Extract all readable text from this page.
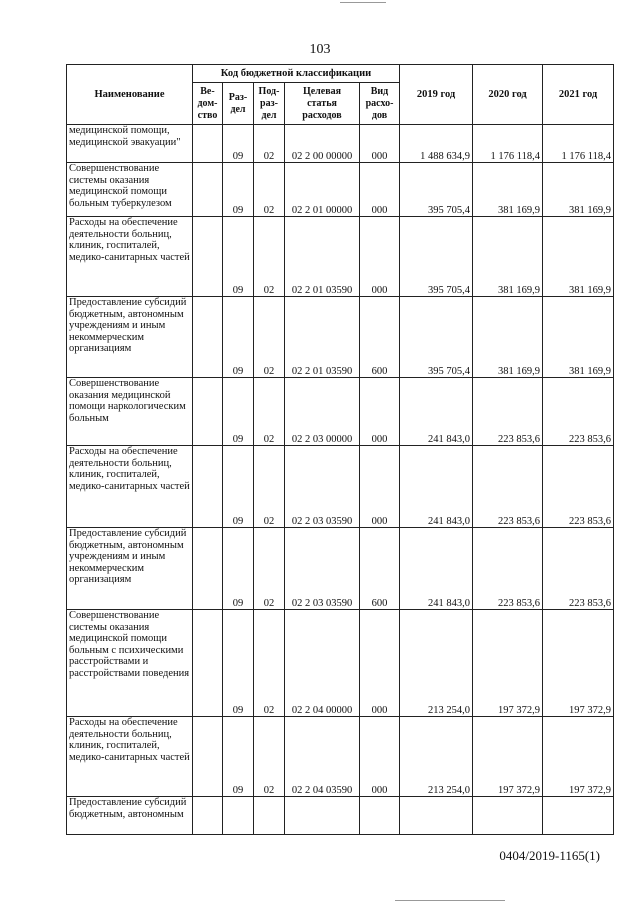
103
Наименование	Код бюджетной классификации					2019 год	2020 год	2021 год
	Ве- дом- ство	Раз- дел	Под- раз- дел	Целевая статья расходов	Вид расхо- дов			
медицинской помощи, медицинской эвакуации"		09	02	02 2 00 00000	000	1 488 634,9	1 176 118,4	1 176 118,4
Совершенствование системы оказания медицинской помощи больным туберкулезом		09	02	02 2 01 00000	000	395 705,4	381 169,9	381 169,9
Расходы на обеспечение деятельности больниц, клиник, госпиталей, медико-санитарных частей		09	02	02 2 01 03590	000	395 705,4	381 169,9	381 169,9
Предоставление субсидий бюджетным, автономным учреждениям и иным некоммерческим организациям		09	02	02 2 01 03590	600	395 705,4	381 169,9	381 169,9
Совершенствование оказания медицинской помощи наркологическим больным		09	02	02 2 03 00000	000	241 843,0	223 853,6	223 853,6
Расходы на обеспечение деятельности больниц, клиник, госпиталей, медико-санитарных частей		09	02	02 2 03 03590	000	241 843,0	223 853,6	223 853,6
Предоставление субсидий бюджетным, автономным учреждениям и иным некоммерческим организациям		09	02	02 2 03 03590	600	241 843,0	223 853,6	223 853,6
Совершенствование системы оказания медицинской помощи больным с психическими расстройствами и расстройствами поведения		09	02	02 2 04 00000	000	213 254,0	197 372,9	197 372,9
Расходы на обеспечение деятельности больниц, клиник, госпиталей, медико-санитарных частей		09	02	02 2 04 03590	000	213 254,0	197 372,9	197 372,9
Предоставление субсидий бюджетным, автономным								
0404/2019-1165(1)
